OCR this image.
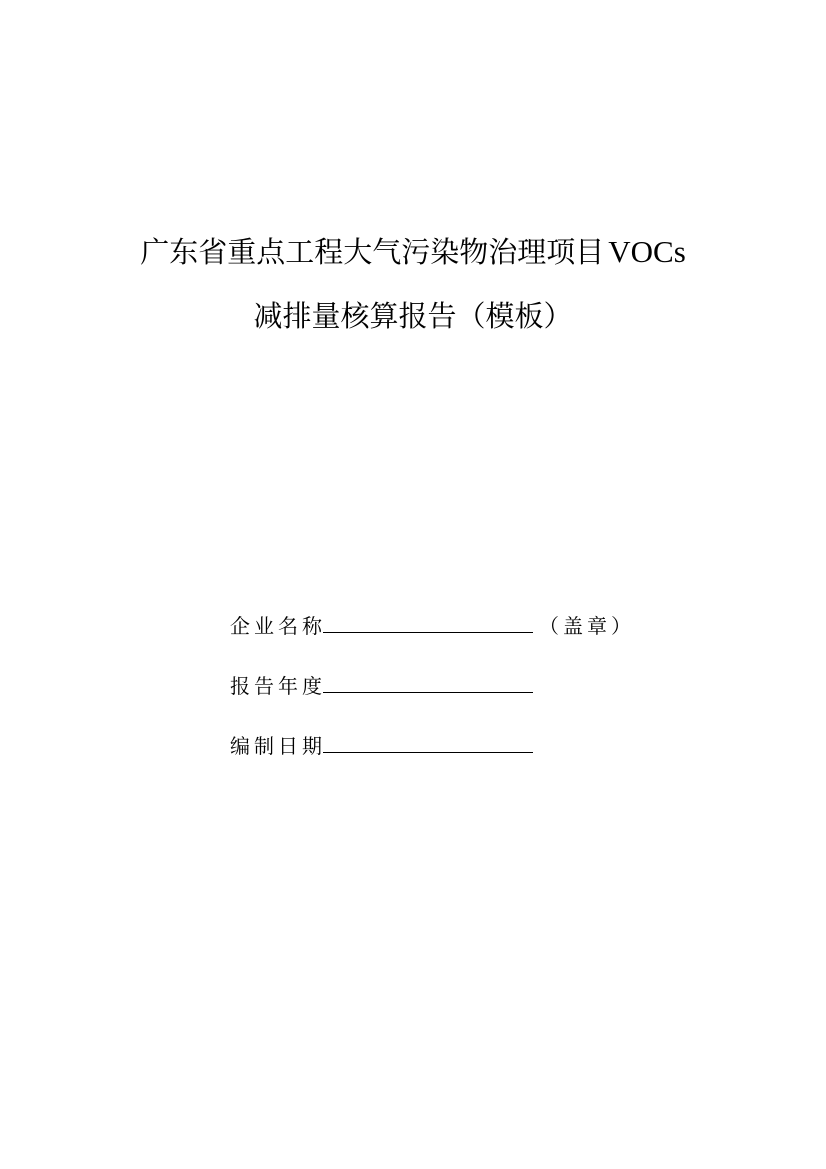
广东省重点工程大气污染物治理项目 VOCs
减排量核算报告（模板）
企业名称	（盖章）
报告年度
编制日期
